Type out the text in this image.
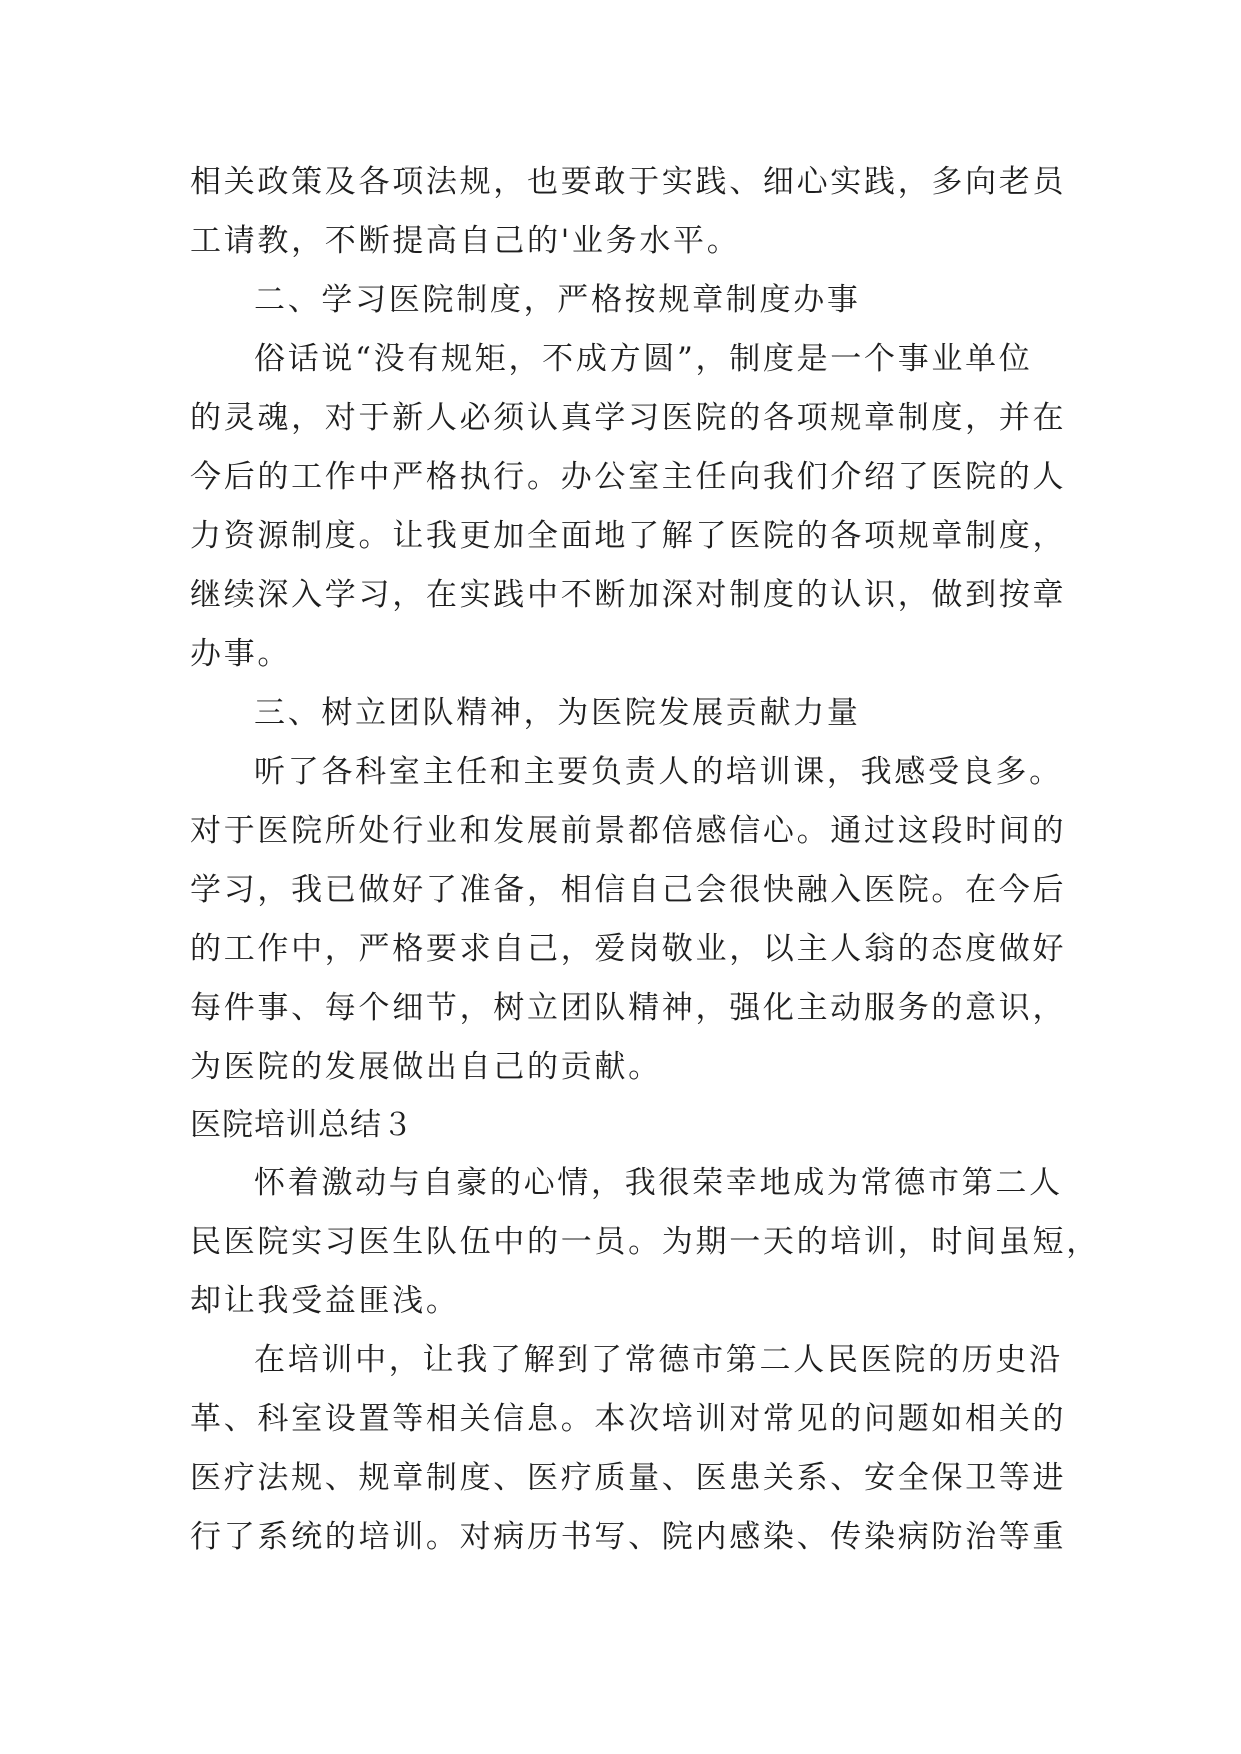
相关政策及各项法规，也要敢于实践、细心实践，多向老员
工请教，不断提高自己的'业务水平。
二、学习医院制度，严格按规章制度办事
俗话说“没有规矩，不成方圆”，制度是一个事业单位
的灵魂，对于新人必须认真学习医院的各项规章制度，并在
今后的工作中严格执行。办公室主任向我们介绍了医院的人
力资源制度。让我更加全面地了解了医院的各项规章制度，
继续深入学习，在实践中不断加深对制度的认识，做到按章
办事。
三、树立团队精神，为医院发展贡献力量
听了各科室主任和主要负责人的培训课，我感受良多。
对于医院所处行业和发展前景都倍感信心。通过这段时间的
学习，我已做好了准备，相信自己会很快融入医院。在今后
的工作中，严格要求自己，爱岗敬业，以主人翁的态度做好
每件事、每个细节，树立团队精神，强化主动服务的意识，
为医院的发展做出自己的贡献。
医院培训总结３
怀着激动与自豪的心情，我很荣幸地成为常德市第二人
民医院实习医生队伍中的一员。为期一天的培训，时间虽短，
却让我受益匪浅。
在培训中，让我了解到了常德市第二人民医院的历史沿
革、科室设置等相关信息。本次培训对常见的问题如相关的
医疗法规、规章制度、医疗质量、医患关系、安全保卫等进
行了系统的培训。对病历书写、院内感染、传染病防治等重
